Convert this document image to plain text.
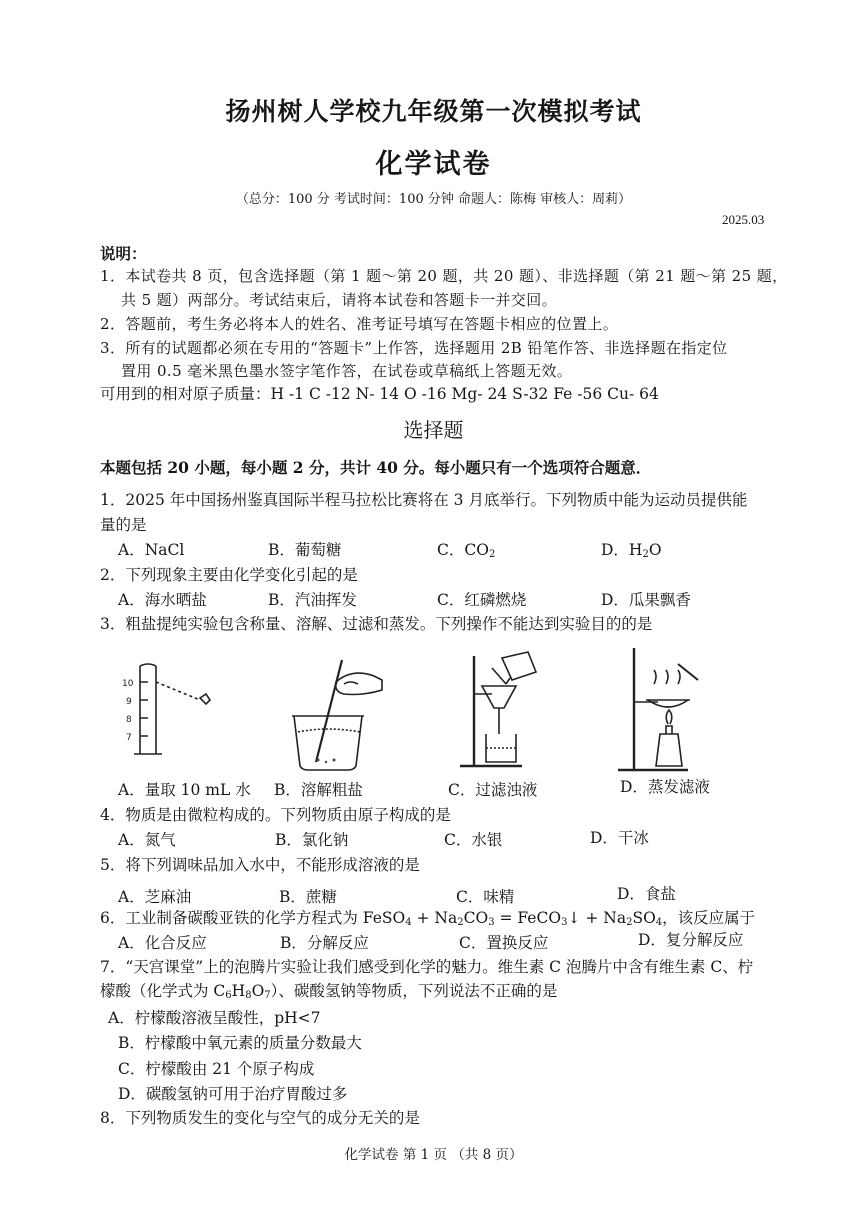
扬州树人学校九年级第一次模拟考试
化学试卷
（总分：100 分 考试时间：100 分钟 命题人：陈梅 审核人：周莉）
2025.03
说明：
1．本试卷共 8 页，包含选择题（第 1 题～第 20 题，共 20 题）、非选择题（第 21 题～第 25 题，
共 5 题）两部分。考试结束后，请将本试卷和答题卡一并交回。
2．答题前，考生务必将本人的姓名、准考证号填写在答题卡相应的位置上。
3．所有的试题都必须在专用的“答题卡”上作答，选择题用 2B 铅笔作答、非选择题在指定位
置用 0.5 毫米黑色墨水签字笔作答，在试卷或草稿纸上答题无效。
可用到的相对原子质量：H -1 C -12 N- 14 O -16 Mg- 24 S-32 Fe -56 Cu- 64
选择题
本题包括 20 小题，每小题 2 分，共计 40 分。每小题只有一个选项符合题意．
1．2025 年中国扬州鉴真国际半程马拉松比赛将在 3 月底举行。下列物质中能为运动员提供能
量的是
A．NaCl	B．葡萄糖	C．$CO_2$	D．$H_2O$
2．下列现象主要由化学变化引起的是
A．海水晒盐	B．汽油挥发	C．红磷燃烧	D．瓜果飘香
3．粗盐提纯实验包含称量、溶解、过滤和蒸发。下列操作不能达到实验目的的是
10
9
8
7
A．量取 10 mL 水 B．溶解粗盐	C．过滤浊液	D．蒸发滤液
4．物质是由微粒构成的。下列物质由原子构成的是
A．氮气	B．氯化钠	C．水银	D．干冰
5．将下列调味品加入水中，不能形成溶液的是
A．芝麻油	B．蔗糖	C．味精	D．食盐
6．工业制备碳酸亚铁的化学方程式为 FeSO$_4$ + $Na_2CO_3$ = FeCO$_3$↓ + $Na_2SO_4$，该反应属于
A．化合反应	B．分解反应	C．置换反应	D．复分解反应
7．“天宫课堂”上的泡腾片实验让我们感受到化学的魅力。维生素 C 泡腾片中含有维生素 C、柠
檬酸（化学式为 $C_6H_8O_7$）、碳酸氢钠等物质，下列说法不正确的是
A．柠檬酸溶液呈酸性，pH<7
B．柠檬酸中氧元素的质量分数最大
C．柠檬酸由 21 个原子构成
D．碳酸氢钠可用于治疗胃酸过多
8．下列物质发生的变化与空气的成分无关的是
化学试卷 第 1 页 （共 8 页）
